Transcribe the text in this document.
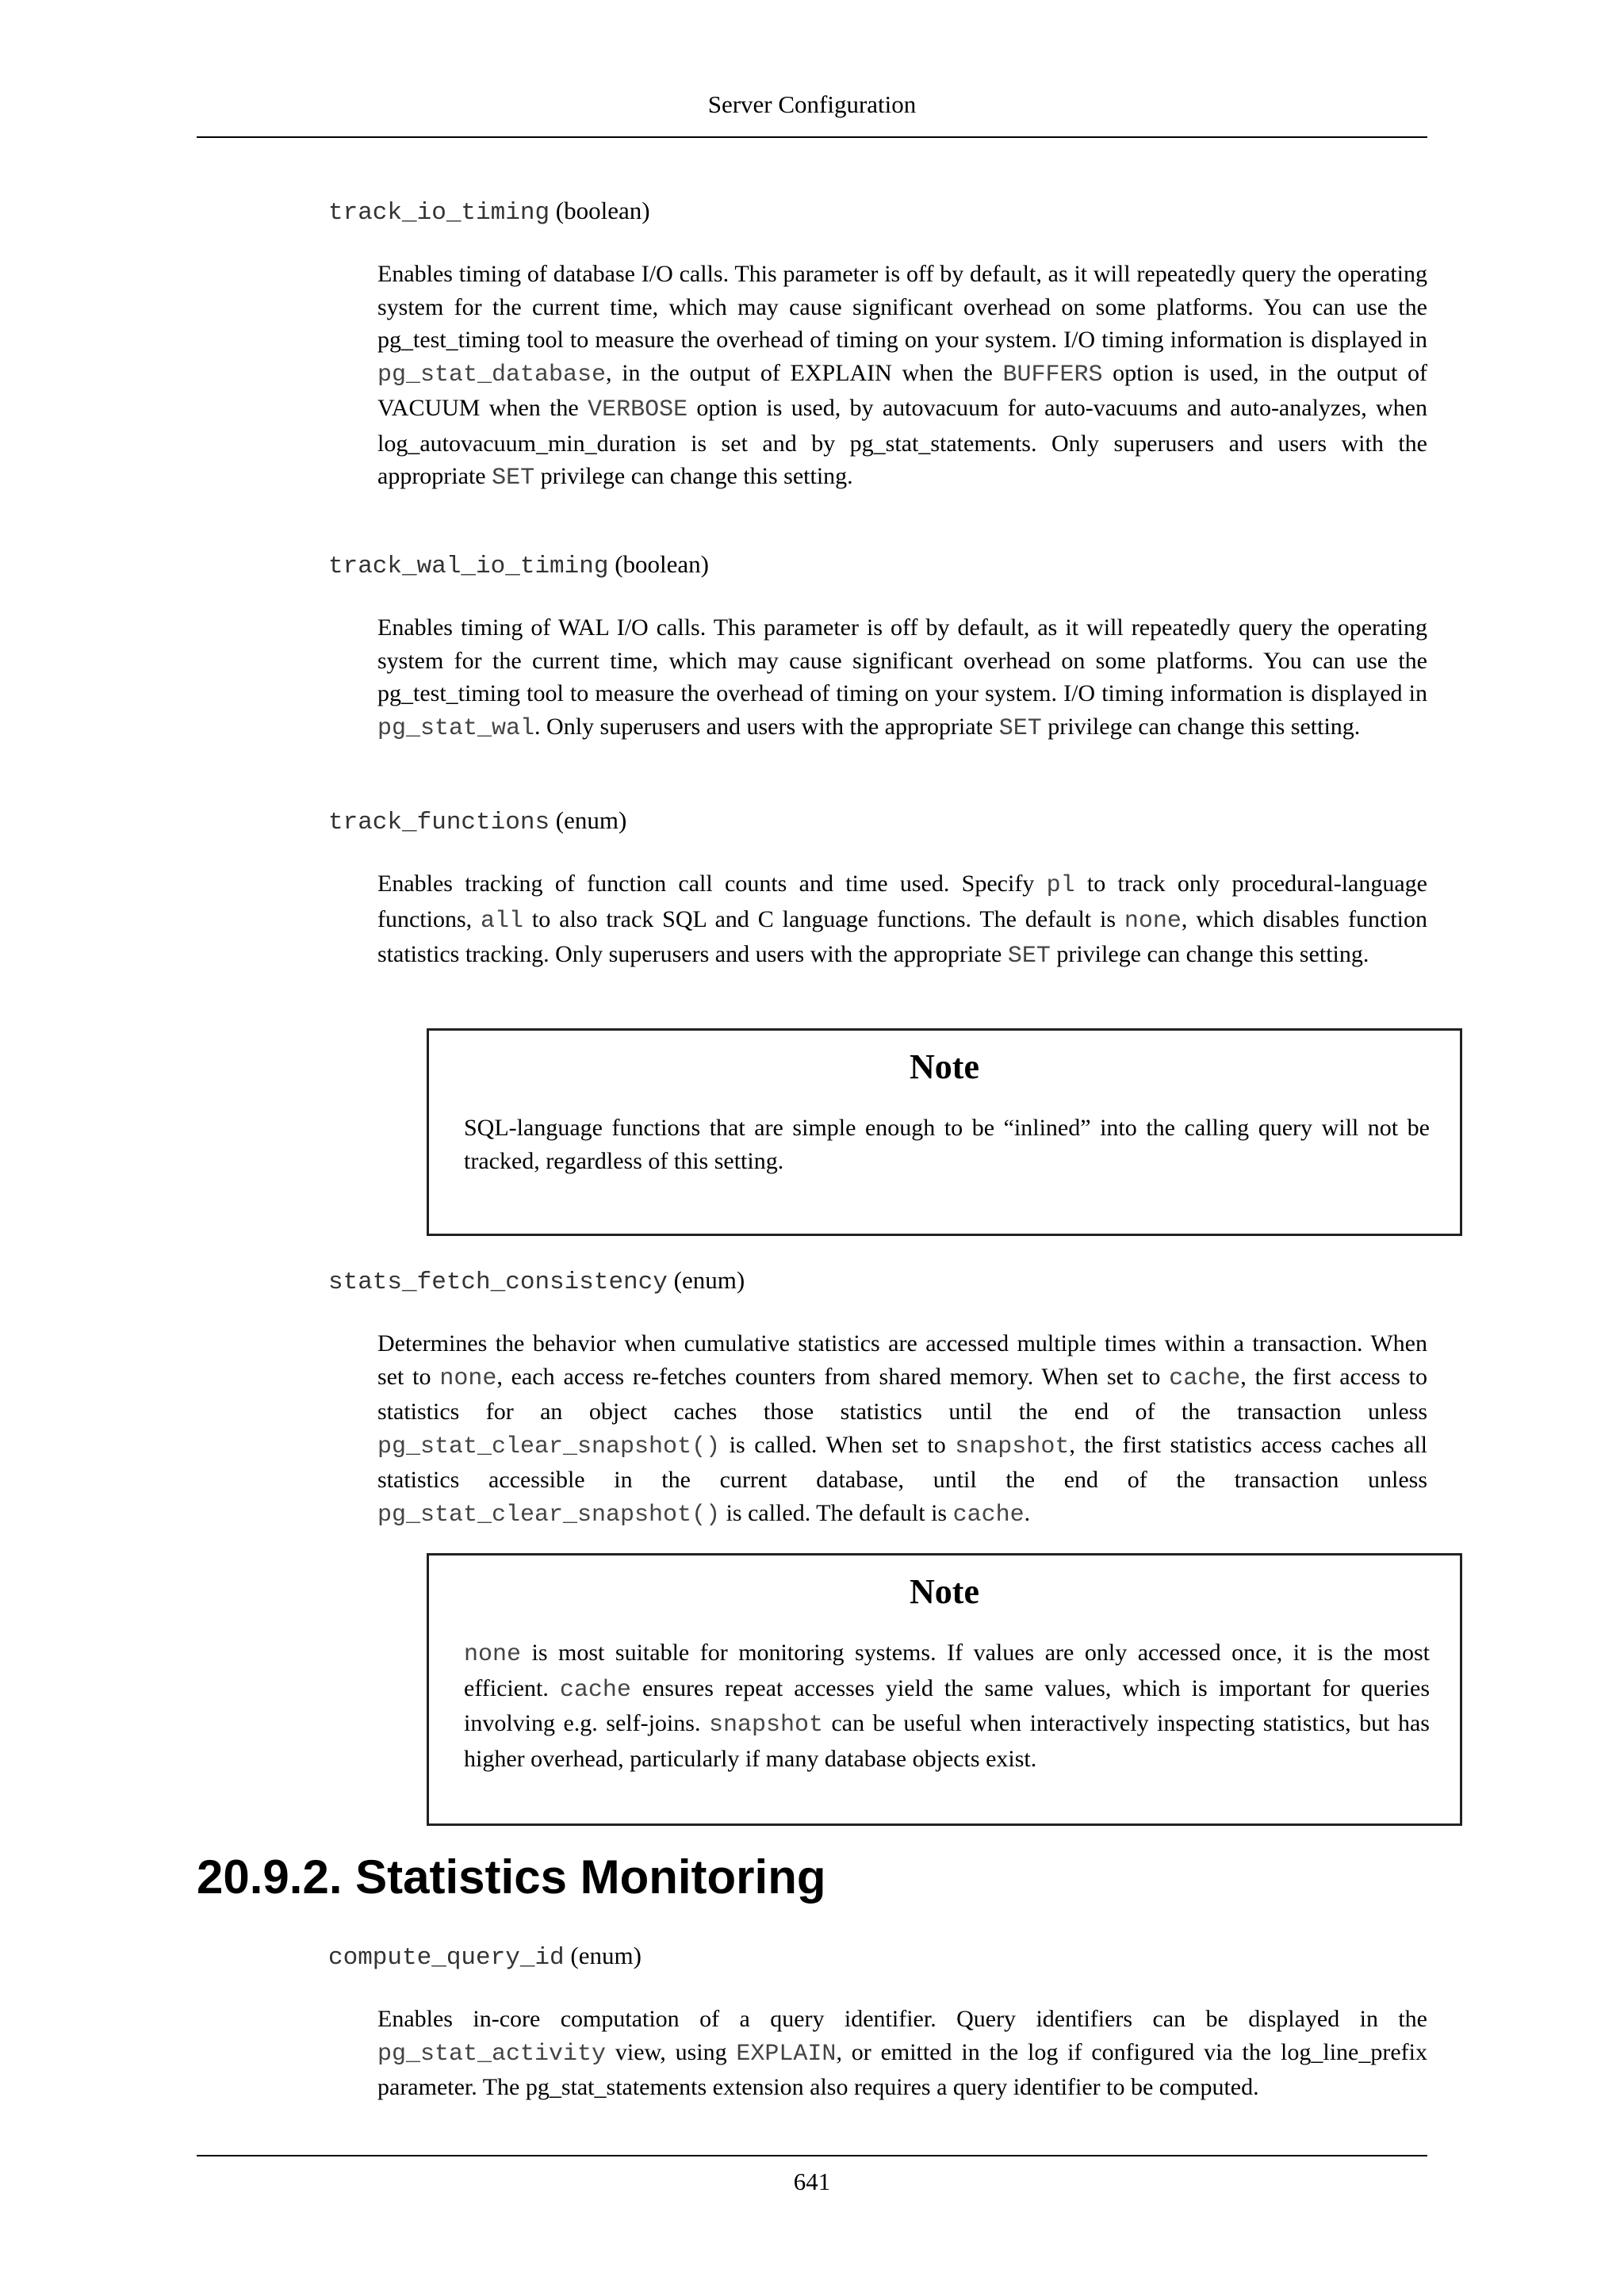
Server Configuration
track_io_timing (boolean)
Enables timing of database I/O calls. This parameter is off by default, as it will repeatedly query the operating system for the current time, which may cause significant overhead on some platforms. You can use the pg_test_timing tool to measure the overhead of timing on your system. I/O timing information is displayed in pg_stat_database, in the output of EXPLAIN when the BUFFERS option is used, in the output of VACUUM when the VERBOSE option is used, by autovacuum for auto-vacuums and auto-analyzes, when log_autovacuum_min_duration is set and by pg_stat_statements. Only superusers and users with the appropriate SET privilege can change this setting.
track_wal_io_timing (boolean)
Enables timing of WAL I/O calls. This parameter is off by default, as it will repeatedly query the operating system for the current time, which may cause significant overhead on some platforms. You can use the pg_test_timing tool to measure the overhead of timing on your system. I/O timing information is displayed in pg_stat_wal. Only superusers and users with the appropriate SET privilege can change this setting.
track_functions (enum)
Enables tracking of function call counts and time used. Specify pl to track only procedural-language functions, all to also track SQL and C language functions. The default is none, which disables function statistics tracking. Only superusers and users with the appropriate SET privilege can change this setting.
Note
SQL-language functions that are simple enough to be “inlined” into the calling query will not be tracked, regardless of this setting.
stats_fetch_consistency (enum)
Determines the behavior when cumulative statistics are accessed multiple times within a transaction. When set to none, each access re-fetches counters from shared memory. When set to cache, the first access to statistics for an object caches those statistics until the end of the transaction unless pg_stat_clear_snapshot() is called. When set to snapshot, the first statistics access caches all statistics accessible in the current database, until the end of the transaction unless pg_stat_clear_snapshot() is called. The default is cache.
Note
none is most suitable for monitoring systems. If values are only accessed once, it is the most efficient. cache ensures repeat accesses yield the same values, which is important for queries involving e.g. self-joins. snapshot can be useful when interactively inspecting statistics, but has higher overhead, particularly if many database objects exist.
20.9.2. Statistics Monitoring
compute_query_id (enum)
Enables in-core computation of a query identifier. Query identifiers can be displayed in the pg_stat_activity view, using EXPLAIN, or emitted in the log if configured via the log_line_prefix parameter. The pg_stat_statements extension also requires a query identifier to be computed.
641
